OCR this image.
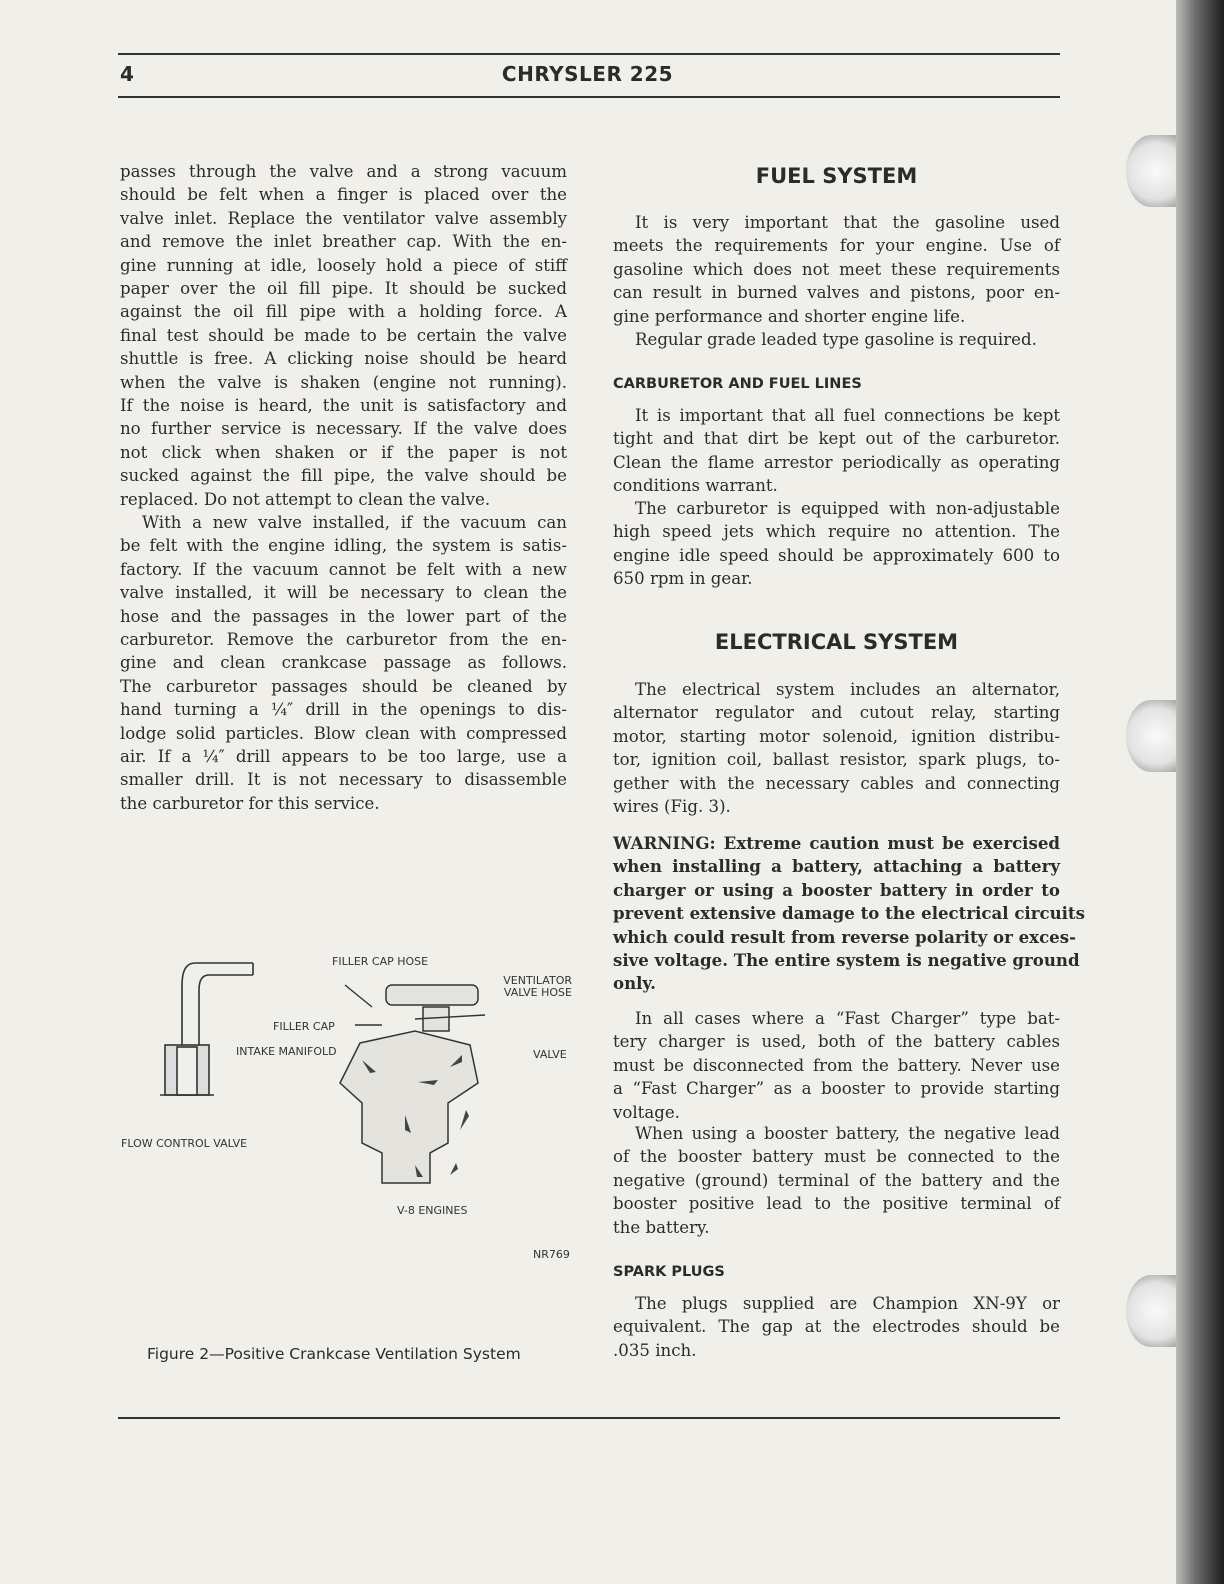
4	CHRYSLER 225
passes through the valve and a strong vacuum
should be felt when a finger is placed over the
valve inlet. Replace the ventilator valve assembly
and remove the inlet breather cap. With the en-
gine running at idle, loosely hold a piece of stiff
paper over the oil fill pipe. It should be sucked
against the oil fill pipe with a holding force. A
final test should be made to be certain the valve
shuttle is free. A clicking noise should be heard
when the valve is shaken (engine not running).
If the noise is heard, the unit is satisfactory and
no further service is necessary. If the valve does
not click when shaken or if the paper is not
sucked against the fill pipe, the valve should be
replaced. Do not attempt to clean the valve.
With a new valve installed, if the vacuum can
be felt with the engine idling, the system is satis-
factory. If the vacuum cannot be felt with a new
valve installed, it will be necessary to clean the
hose and the passages in the lower part of the
carburetor. Remove the carburetor from the en-
gine and clean crankcase passage as follows.
The carburetor passages should be cleaned by
hand turning a ¼″ drill in the openings to dis-
lodge solid particles. Blow clean with compressed
air. If a ¼″ drill appears to be too large, use a
smaller drill. It is not necessary to disassemble
the carburetor for this service.
FILLER CAP HOSE
VENTILATOR VALVE HOSE
FILLER CAP
INTAKE MANIFOLD	VALVE
FLOW CONTROL VALVE
V-8 ENGINES
NR769
Figure 2—Positive Crankcase Ventilation System
FUEL SYSTEM
It is very important that the gasoline used
meets the requirements for your engine. Use of
gasoline which does not meet these requirements
can result in burned valves and pistons, poor en-
gine performance and shorter engine life.
Regular grade leaded type gasoline is required.
CARBURETOR AND FUEL LINES
It is important that all fuel connections be kept
tight and that dirt be kept out of the carburetor.
Clean the flame arrestor periodically as operating
conditions warrant.
The carburetor is equipped with non-adjustable
high speed jets which require no attention. The
engine idle speed should be approximately 600 to
650 rpm in gear.
ELECTRICAL SYSTEM
The electrical system includes an alternator,
alternator regulator and cutout relay, starting
motor, starting motor solenoid, ignition distribu-
tor, ignition coil, ballast resistor, spark plugs, to-
gether with the necessary cables and connecting
wires (Fig. 3).
WARNING: Extreme caution must be exercised
when installing a battery, attaching a battery
charger or using a booster battery in order to
prevent extensive damage to the electrical circuits
which could result from reverse polarity or exces-
sive voltage. The entire system is negative ground
only.
In all cases where a “Fast Charger” type bat-
tery charger is used, both of the battery cables
must be disconnected from the battery. Never use
a “Fast Charger” as a booster to provide starting
voltage.
When using a booster battery, the negative lead
of the booster battery must be connected to the
negative (ground) terminal of the battery and the
booster positive lead to the positive terminal of
the battery.
SPARK PLUGS
The plugs supplied are Champion XN-9Y or
equivalent. The gap at the electrodes should be
.035 inch.
